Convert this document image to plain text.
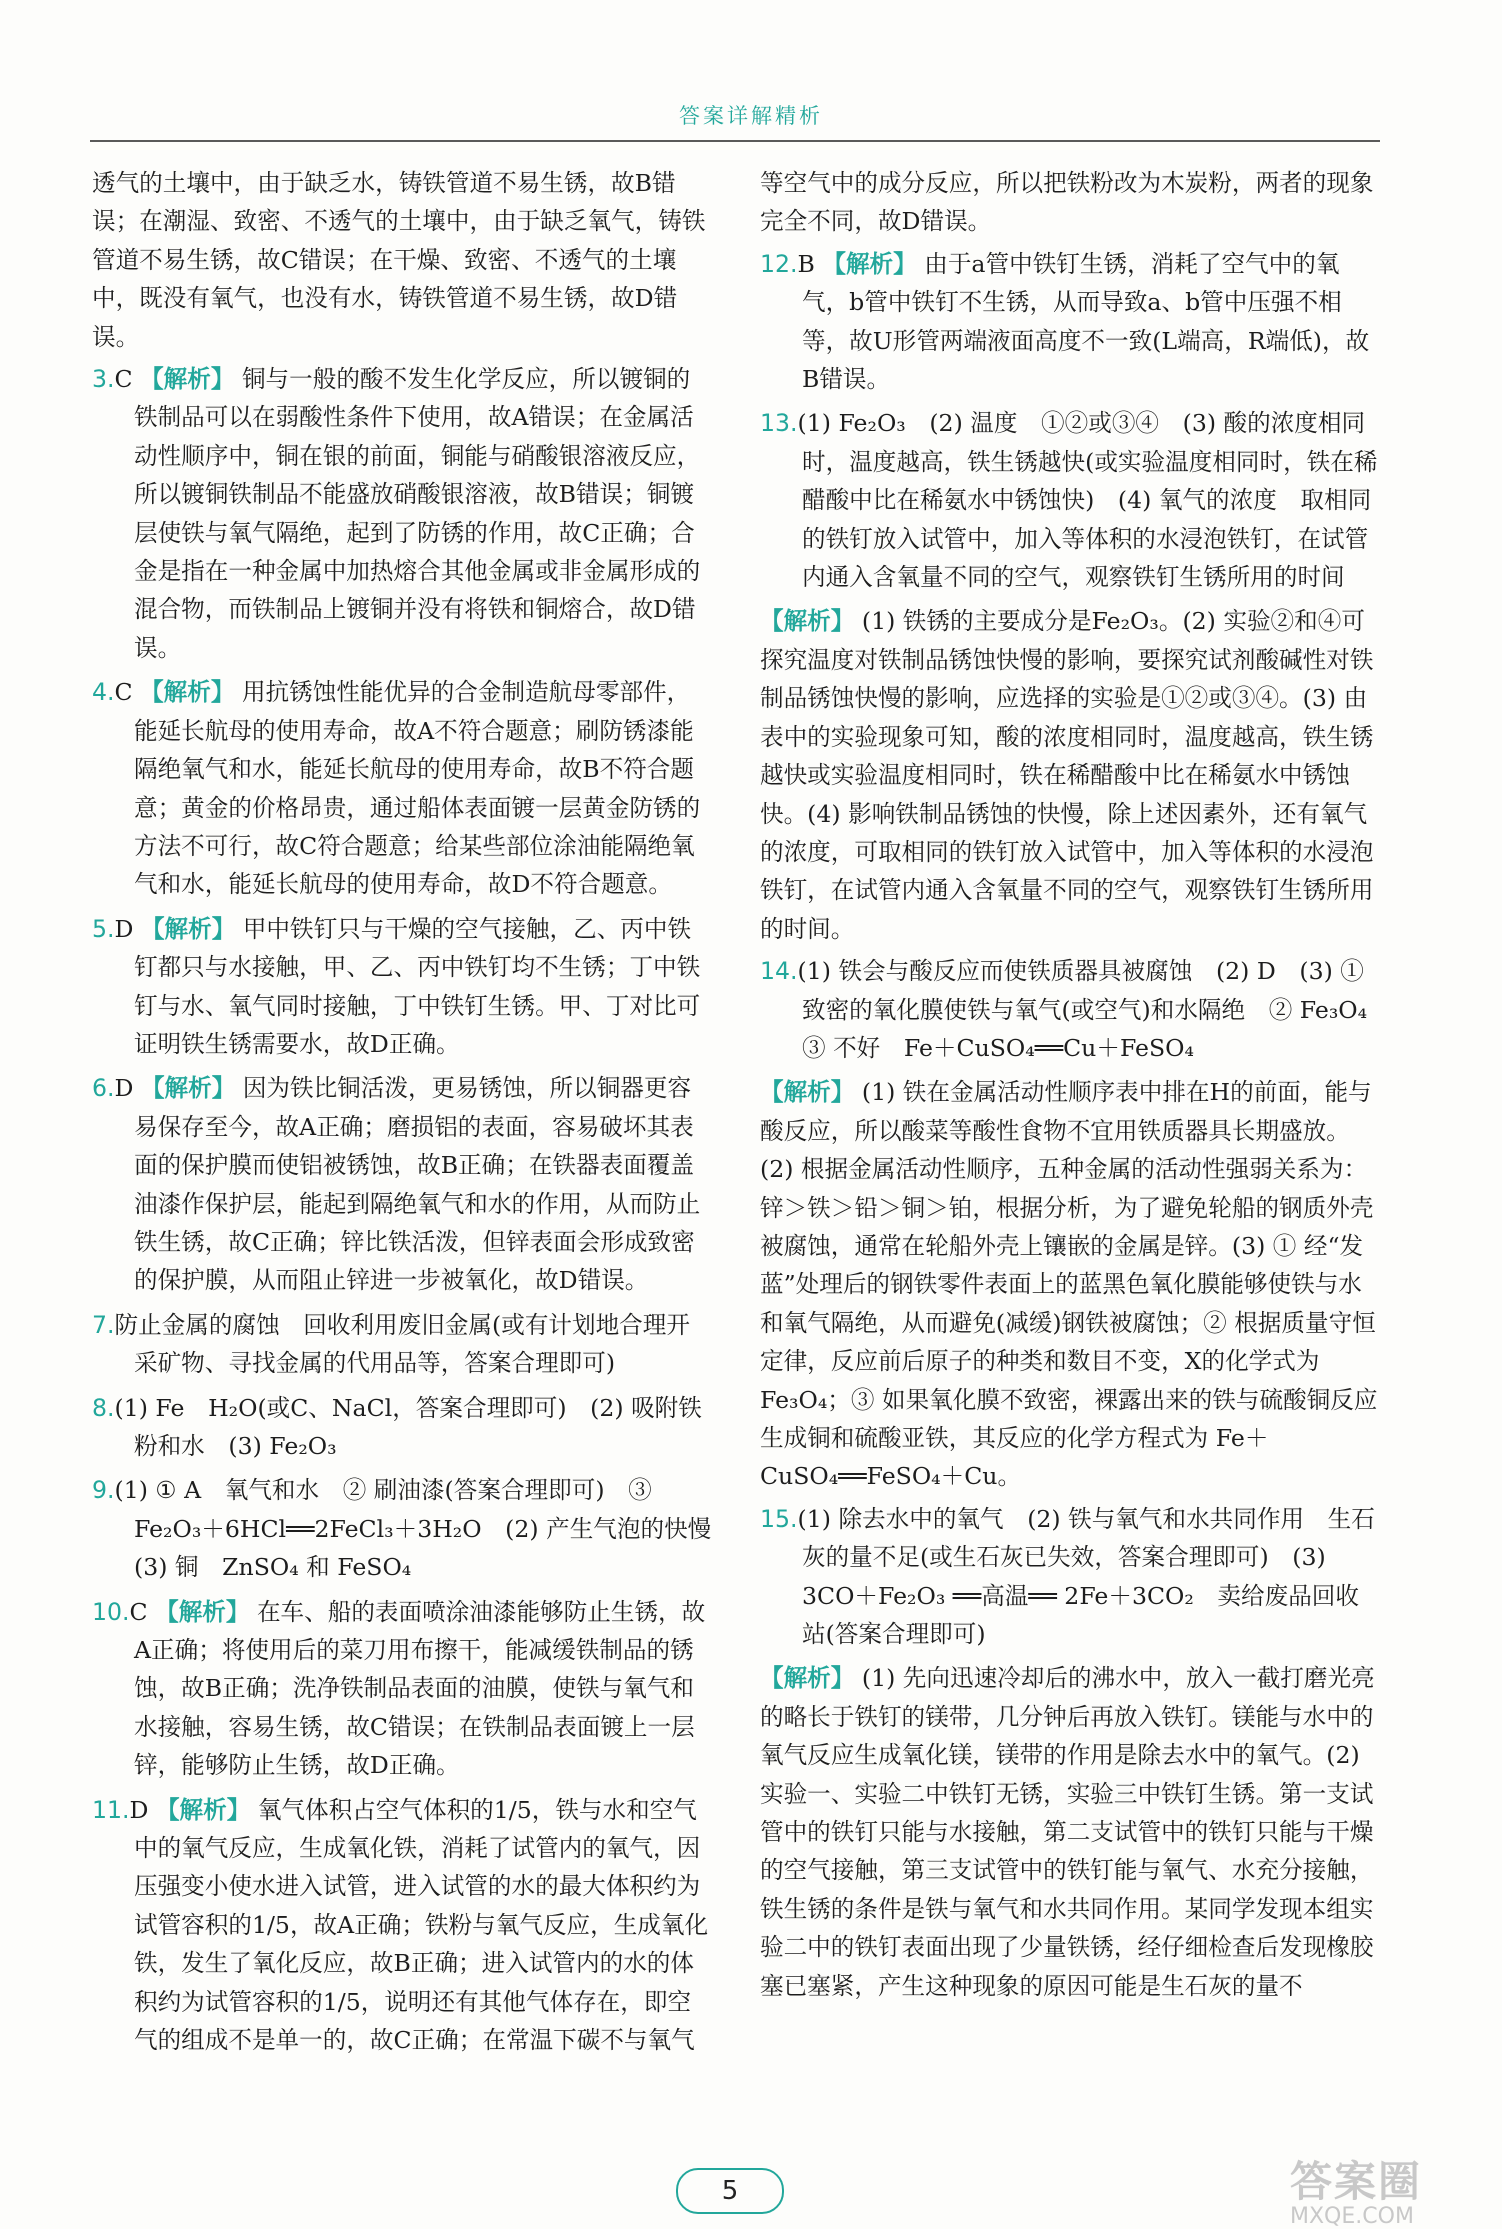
答案详解精析
透气的土壤中，由于缺乏水，铸铁管道不易生锈，故B错误；在潮湿、致密、不透气的土壤中，由于缺乏氧气，铸铁管道不易生锈，故C错误；在干燥、致密、不透气的土壤中，既没有氧气，也没有水，铸铁管道不易生锈，故D错误。
3.C 【 解析 】 铜与一般的酸不发生化学反应，所以镀铜的铁制品可以在弱酸性条件下使用，故A错误；在金属活动性顺序中，铜在银的前面，铜能与硝酸银溶液反应，所以镀铜铁制品不能盛放硝酸银溶液，故B错误；铜镀层使铁与氧气隔绝，起到了防锈的作用，故C正确；合金是指在一种金属中加热熔合其他金属或非金属形成的混合物，而铁制品上镀铜并没有将铁和铜熔合，故D错误。
4.C 【 解析 】 用抗锈蚀性能优异的合金制造航母零部件，能延长航母的使用寿命，故A不符合题意；刷防锈漆能隔绝氧气和水，能延长航母的使用寿命，故B不符合题意；黄金的价格昂贵，通过船体表面镀一层黄金防锈的方法不可行，故C符合题意；给某些部位涂油能隔绝氧气和水，能延长航母的使用寿命，故D不符合题意。
5.D 【 解析 】 甲中铁钉只与干燥的空气接触，乙、丙中铁钉都只与水接触，甲、乙、丙中铁钉均不生锈；丁中铁钉与水、氧气同时接触，丁中铁钉生锈。甲、丁对比可证明铁生锈需要水，故D正确。
6.D 【 解析 】 因为铁比铜活泼，更易锈蚀，所以铜器更容易保存至今，故A正确；磨损铝的表面，容易破坏其表面的保护膜而使铝被锈蚀，故B正确；在铁器表面覆盖油漆作保护层，能起到隔绝氧气和水的作用，从而防止铁生锈，故C正确；锌比铁活泼，但锌表面会形成致密的保护膜，从而阻止锌进一步被氧化，故D错误。
7.防止金属的腐蚀　回收利用废旧金属(或有计划地合理开采矿物、寻找金属的代用品等，答案合理即可)
8.(1) Fe　H₂O(或C、NaCl，答案合理即可)　(2) 吸附铁粉和水　(3) Fe₂O₃
9.(1) ① A　氧气和水　② 刷油漆(答案合理即可)　③ Fe₂O₃＋6HCl══2FeCl₃＋3H₂O　(2) 产生气泡的快慢　(3) 铜　ZnSO₄ 和 FeSO₄
10.C 【 解析 】 在车、船的表面喷涂油漆能够防止生锈，故A正确；将使用后的菜刀用布擦干，能减缓铁制品的锈蚀，故B正确；洗净铁制品表面的油膜，使铁与氧气和水接触，容易生锈，故C错误；在铁制品表面镀上一层锌，能够防止生锈，故D正确。
11.D 【 解析 】 氧气体积占空气体积的1/5，铁与水和空气中的氧气反应，生成氧化铁，消耗了试管内的氧气，因压强变小使水进入试管，进入试管的水的最大体积约为试管容积的1/5，故A正确；铁粉与氧气反应，生成氧化铁，发生了氧化反应，故B正确；进入试管内的水的体积约为试管容积的1/5，说明还有其他气体存在，即空气的组成不是单一的，故C正确；在常温下碳不与氧气
等空气中的成分反应，所以把铁粉改为木炭粉，两者的现象完全不同，故D错误。
12.B 【 解析 】 由于a管中铁钉生锈，消耗了空气中的氧气，b管中铁钉不生锈，从而导致a、b管中压强不相等，故U形管两端液面高度不一致(L端高，R端低)，故B错误。
13.(1) Fe₂O₃　(2) 温度　①②或③④　(3) 酸的浓度相同时，温度越高，铁生锈越快(或实验温度相同时，铁在稀醋酸中比在稀氨水中锈蚀快)　(4) 氧气的浓度　取相同的铁钉放入试管中，加入等体积的水浸泡铁钉，在试管内通入含氧量不同的空气，观察铁钉生锈所用的时间
【 解析 】 (1) 铁锈的主要成分是Fe₂O₃。(2) 实验②和④可探究温度对铁制品锈蚀快慢的影响，要探究试剂酸碱性对铁制品锈蚀快慢的影响，应选择的实验是①②或③④。(3) 由表中的实验现象可知，酸的浓度相同时，温度越高，铁生锈越快或实验温度相同时，铁在稀醋酸中比在稀氨水中锈蚀快。(4) 影响铁制品锈蚀的快慢，除上述因素外，还有氧气的浓度，可取相同的铁钉放入试管中，加入等体积的水浸泡铁钉，在试管内通入含氧量不同的空气，观察铁钉生锈所用的时间。
14.(1) 铁会与酸反应而使铁质器具被腐蚀　(2) D　(3) ① 致密的氧化膜使铁与氧气(或空气)和水隔绝　② Fe₃O₄　③ 不好　Fe＋CuSO₄══Cu＋FeSO₄
【 解析 】 (1) 铁在金属活动性顺序表中排在H的前面，能与酸反应，所以酸菜等酸性食物不宜用铁质器具长期盛放。(2) 根据金属活动性顺序，五种金属的活动性强弱关系为：锌＞铁＞铅＞铜＞铂，根据分析，为了避免轮船的钢质外壳被腐蚀，通常在轮船外壳上镶嵌的金属是锌。(3) ① 经“发蓝”处理后的钢铁零件表面上的蓝黑色氧化膜能够使铁与水和氧气隔绝，从而避免(减缓)钢铁被腐蚀；② 根据质量守恒定律，反应前后原子的种类和数目不变，X的化学式为Fe₃O₄；③ 如果氧化膜不致密，裸露出来的铁与硫酸铜反应生成铜和硫酸亚铁，其反应的化学方程式为 Fe＋CuSO₄══FeSO₄＋Cu。
15.(1) 除去水中的氧气　(2) 铁与氧气和水共同作用　生石灰的量不足(或生石灰已失效，答案合理即可)　(3) 3CO＋Fe₂O₃ ══高温══ 2Fe＋3CO₂　卖给废品回收站(答案合理即可)
【 解析 】 (1) 先向迅速冷却后的沸水中，放入一截打磨光亮的略长于铁钉的镁带，几分钟后再放入铁钉。镁能与水中的氧气反应生成氧化镁，镁带的作用是除去水中的氧气。(2) 实验一、实验二中铁钉无锈，实验三中铁钉生锈。第一支试管中的铁钉只能与水接触，第二支试管中的铁钉只能与干燥的空气接触，第三支试管中的铁钉能与氧气、水充分接触，铁生锈的条件是铁与氧气和水共同作用。某同学发现本组实验二中的铁钉表面出现了少量铁锈，经仔细检查后发现橡胶塞已塞紧，产生这种现象的原因可能是生石灰的量不
5	答案圈
MXQE.COM
